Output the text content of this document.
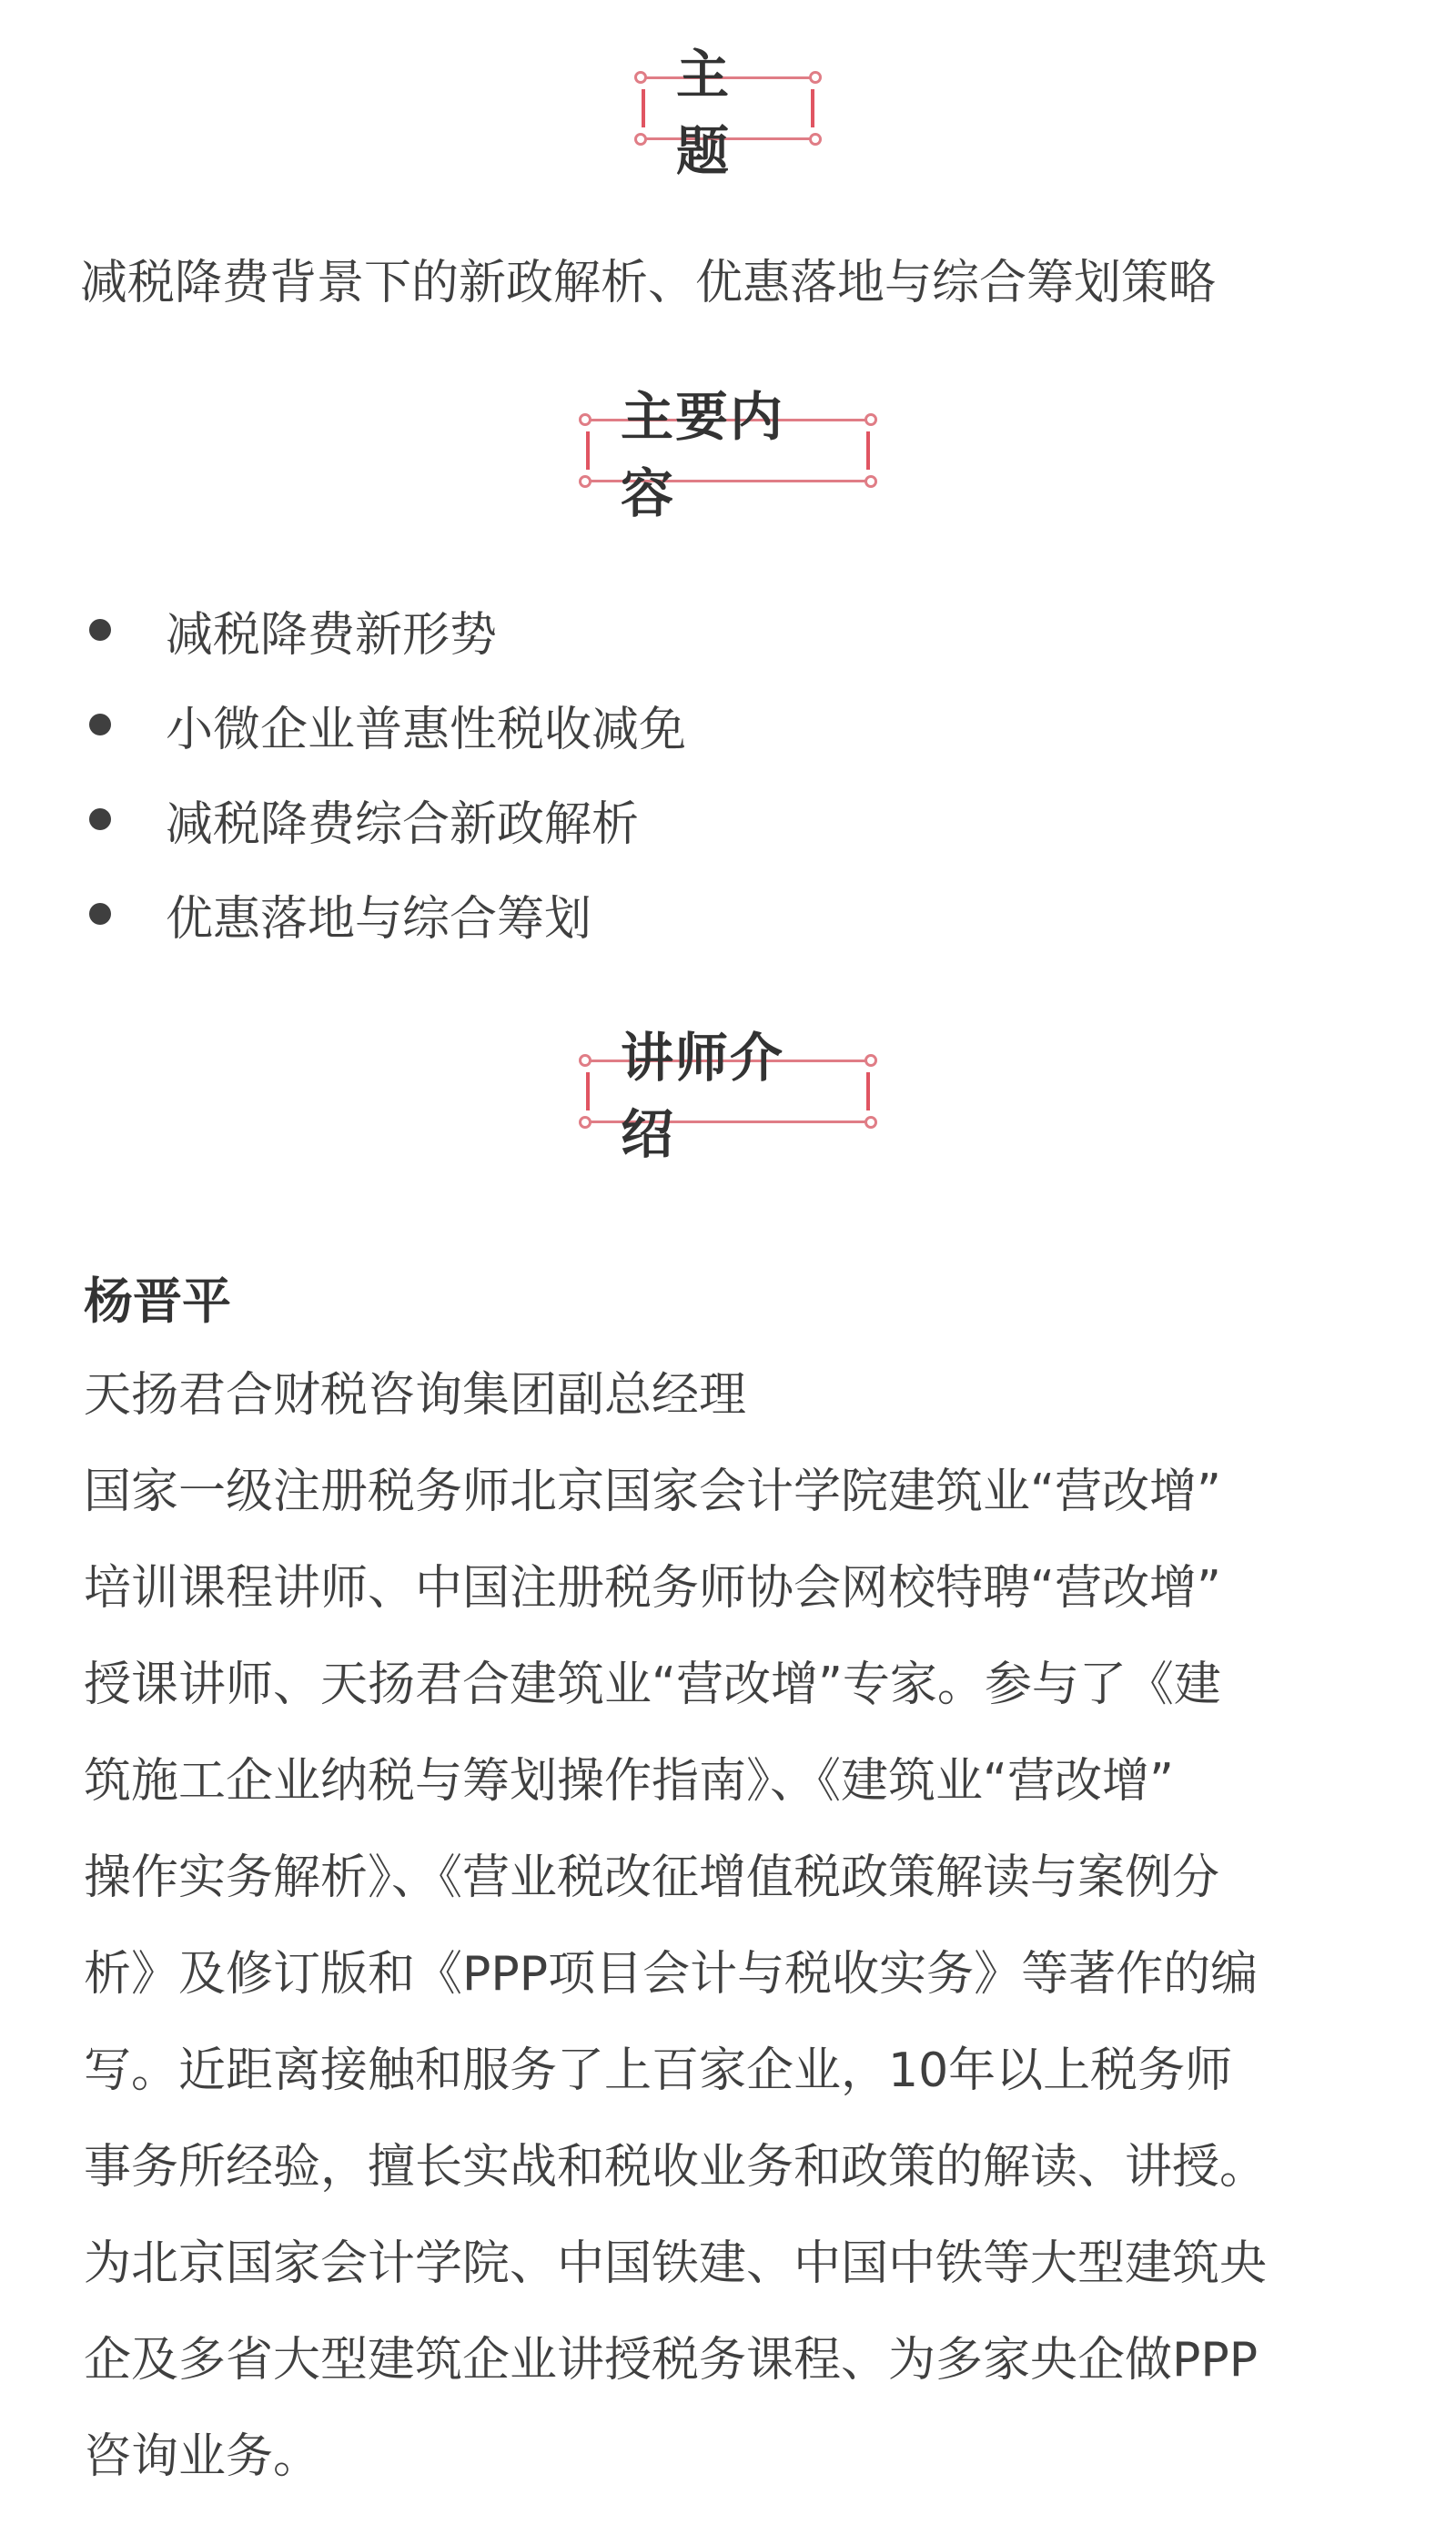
主题
减税降费背景下的新政解析、优惠落地与综合筹划策略
主要内容
减税降费新形势
小微企业普惠性税收减免
减税降费综合新政解析
优惠落地与综合筹划
讲师介绍
杨晋平
天扬君合财税咨询集团副总经理
国家一级注册税务师北京国家会计学院建筑业“营改增”
培训课程讲师、中国注册税务师协会网校特聘“营改增”
授课讲师、天扬君合建筑业“营改增”专家。参与了《建
筑施工企业纳税与筹划操作指南》、《建筑业“营改增”
操作实务解析》、《营业税改征增值税政策解读与案例分
析》及修订版和《PPP项目会计与税收实务》等著作的编
写。近距离接触和服务了上百家企业，10年以上税务师
事务所经验，擅长实战和税收业务和政策的解读、讲授。
为北京国家会计学院、中国铁建、中国中铁等大型建筑央
企及多省大型建筑企业讲授税务课程、为多家央企做PPP
咨询业务。
